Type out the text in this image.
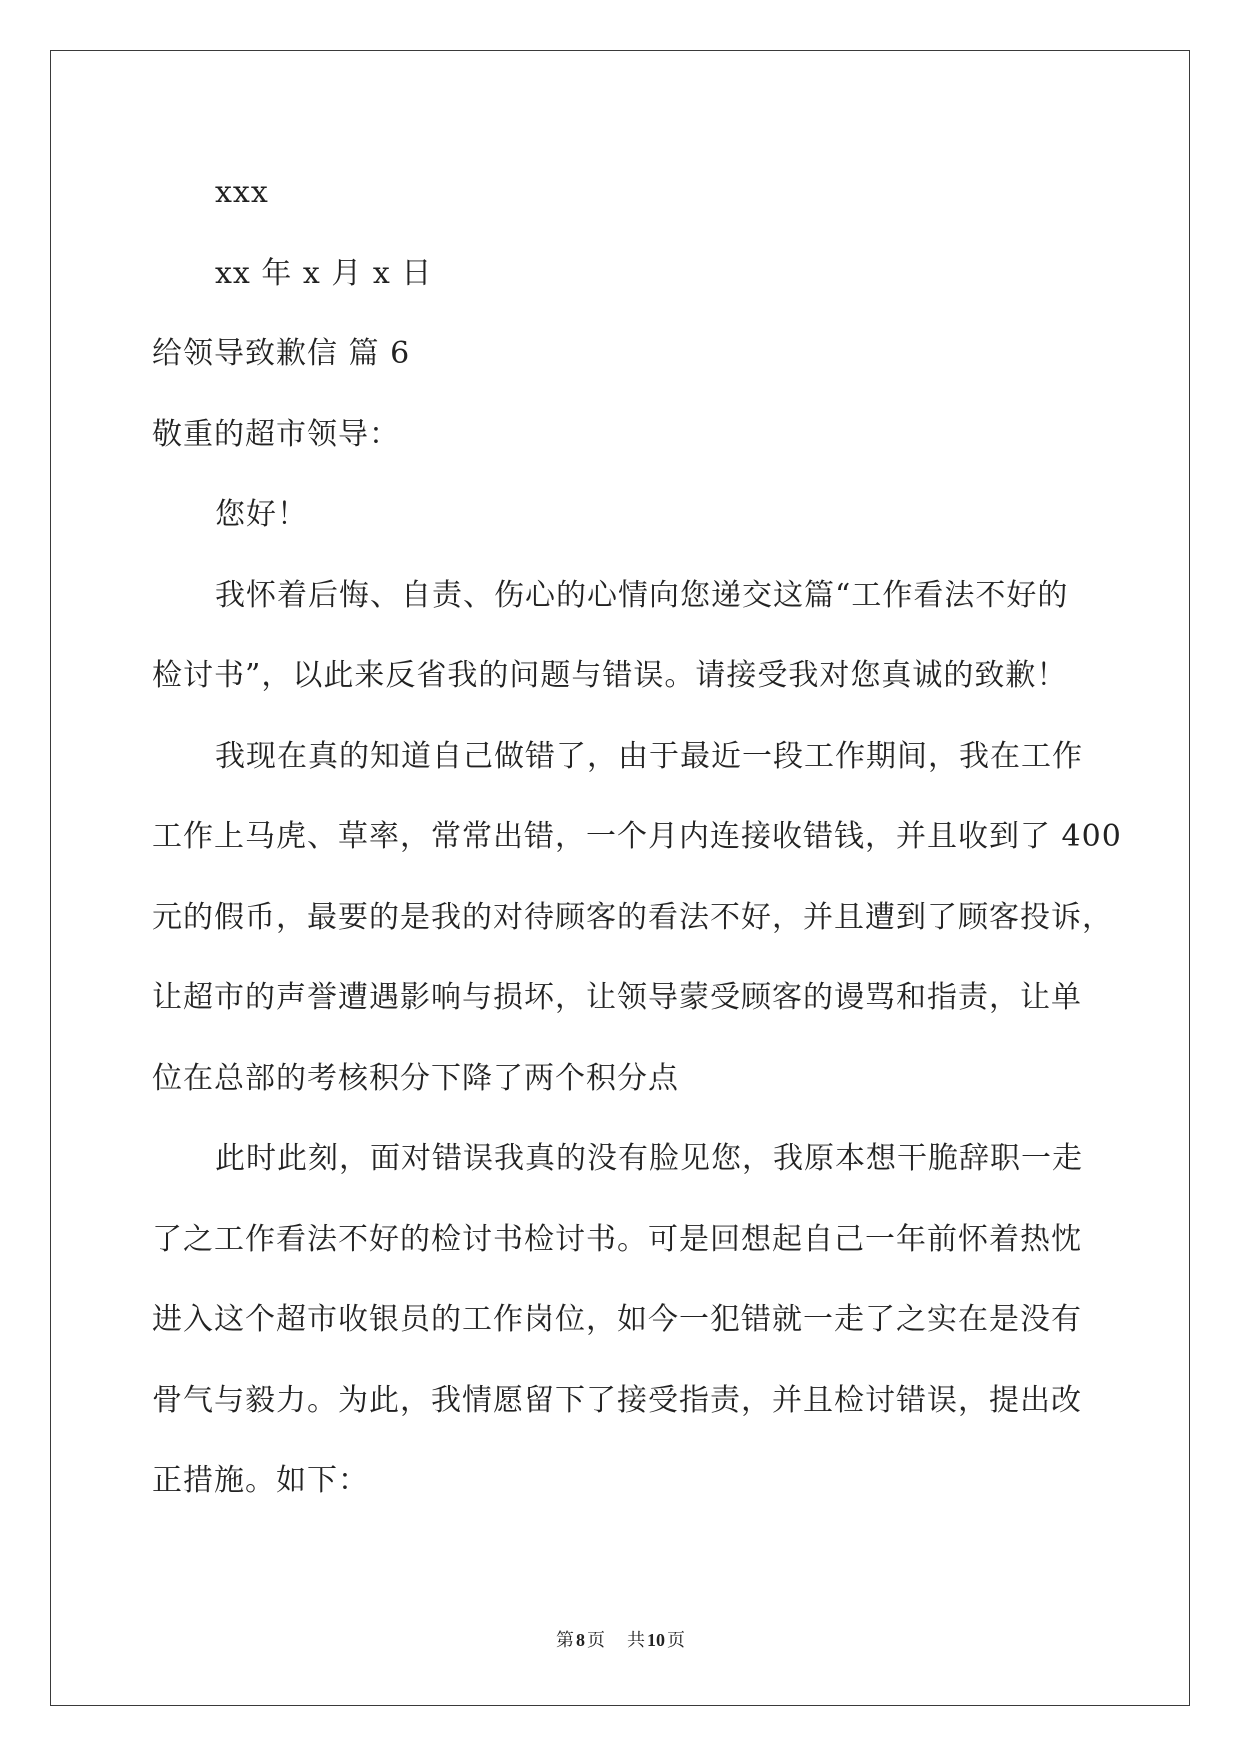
xxx
xx 年 x 月 x 日
给领导致歉信 篇 6
敬重的超市领导：
您好！
我怀着后悔、自责、伤心的心情向您递交这篇“工作看法不好的
检讨书”，以此来反省我的问题与错误。请接受我对您真诚的致歉！
我现在真的知道自己做错了，由于最近一段工作期间，我在工作
工作上马虎、草率，常常出错，一个月内连接收错钱，并且收到了 400
元的假币，最要的是我的对待顾客的看法不好，并且遭到了顾客投诉，
让超市的声誉遭遇影响与损坏，让领导蒙受顾客的谩骂和指责，让单
位在总部的考核积分下降了两个积分点
此时此刻，面对错误我真的没有脸见您，我原本想干脆辞职一走
了之工作看法不好的检讨书检讨书。可是回想起自己一年前怀着热忱
进入这个超市收银员的工作岗位，如今一犯错就一走了之实在是没有
骨气与毅力。为此，我情愿留下了接受指责，并且检讨错误，提出改
正措施。如下：
第 8 页 共 10 页
